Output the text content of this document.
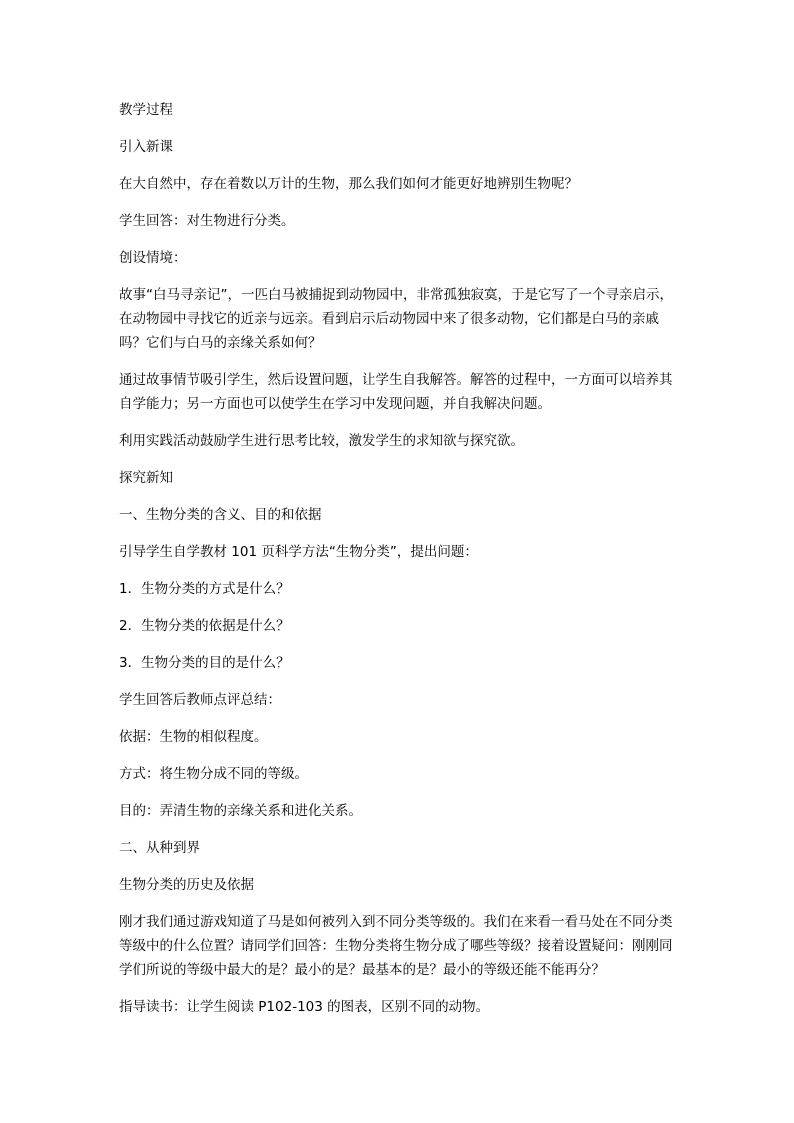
教学过程

引入新课

在大自然中，存在着数以万计的生物，那么我们如何才能更好地辨别生物呢？

学生回答：对生物进行分类。

创设情境：

故事“白马寻亲记”，一匹白马被捕捉到动物园中，非常孤独寂寞，于是它写了一个寻亲启示，在动物园中寻找它的近亲与远亲。看到启示后动物园中来了很多动物，它们都是白马的亲戚吗？它们与白马的亲缘关系如何？

通过故事情节吸引学生，然后设置问题，让学生自我解答。解答的过程中，一方面可以培养其自学能力；另一方面也可以使学生在学习中发现问题，并自我解决问题。

利用实践活动鼓励学生进行思考比较，激发学生的求知欲与探究欲。

探究新知

一、生物分类的含义、目的和依据

引导学生自学教材 101 页科学方法“生物分类”，提出问题：

1．生物分类的方式是什么？

2．生物分类的依据是什么？

3．生物分类的目的是什么？

学生回答后教师点评总结：

依据：生物的相似程度。

方式：将生物分成不同的等级。

目的：弄清生物的亲缘关系和进化关系。

二、从种到界

生物分类的历史及依据

刚才我们通过游戏知道了马是如何被列入到不同分类等级的。我们在来看一看马处在不同分类等级中的什么位置？请同学们回答：生物分类将生物分成了哪些等级？接着设置疑问：刚刚同学们所说的等级中最大的是？最小的是？最基本的是？最小的等级还能不能再分？

指导读书：让学生阅读 P102-103 的图表，区别不同的动物。
